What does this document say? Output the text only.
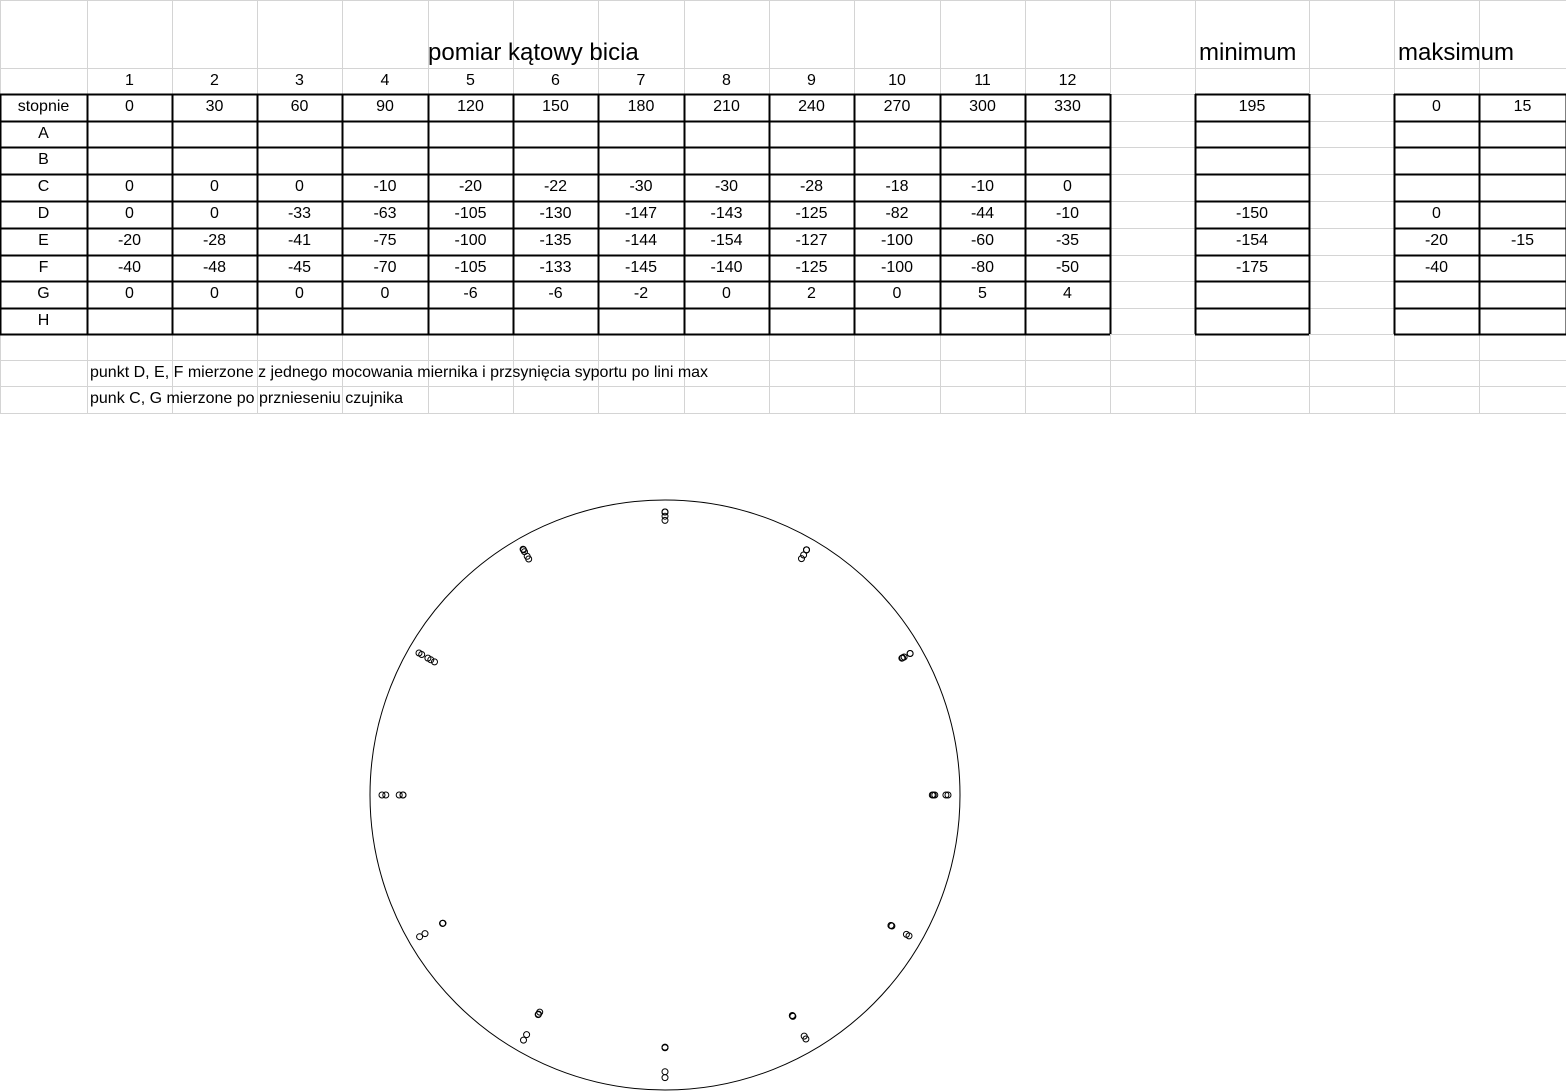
pomiar kątowy bicia	minimum	maksimum
1	2	3	4	5	6	7	8	9	10	11	12
stopnie	0	30	60	90	120	150	180	210	240	270	300	330	195	0	15
A
B
C	0	0	0	-10	-20	-22	-30	-30	-28	-18	-10	0
D	0	0	-33	-63	-105	-130	-147	-143	-125	-82	-44	-10	-150	0
E	-20	-28	-41	-75	-100	-135	-144	-154	-127	-100	-60	-35	-154	-20	-15
F	-40	-48	-45	-70	-105	-133	-145	-140	-125	-100	-80	-50	-175	-40
G	0	0	0	0	-6	-6	-2	0	2	0	5	4
H
punkt D, E, F mierzone z jednego mocowania miernika i przsynięcia syportu po lini max
punk C, G mierzone po prznieseniu czujnika
